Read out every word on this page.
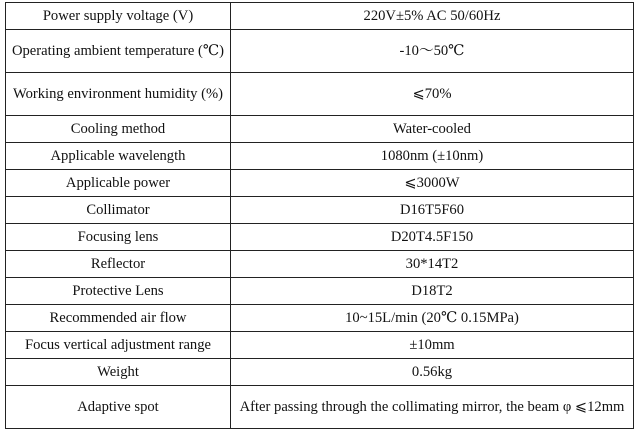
Power supply voltage (V)	220V±5% AC 50/60Hz
Operating ambient temperature (℃)	-10～50℃
Working environment humidity (%)	⩽70%
Cooling method	Water-cooled
Applicable wavelength	1080nm (±10nm)
Applicable power	⩽3000W
Collimator	D16T5F60
Focusing lens	D20T4.5F150
Reflector	30*14T2
Protective Lens	D18T2
Recommended air flow	10~15L/min (20℃ 0.15MPa)
Focus vertical adjustment range	±10mm
Weight	0.56kg
Adaptive spot	After passing through the collimating mirror, the beam φ ⩽12mm
